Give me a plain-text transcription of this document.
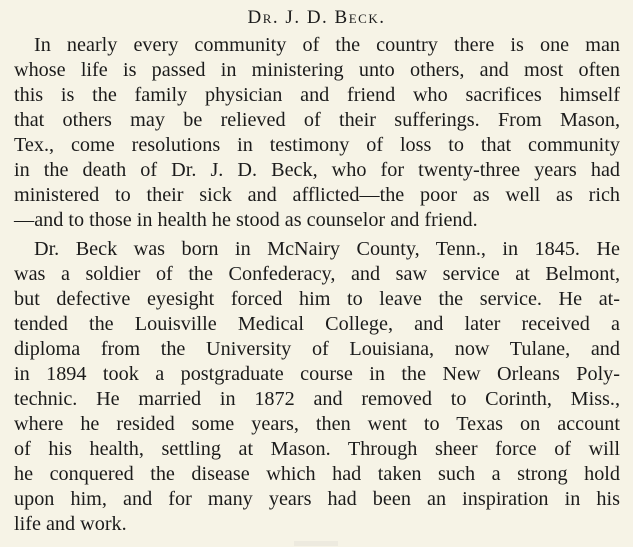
Dr. J. D. Beck.
In nearly every community of the country there is one man
whose life is passed in ministering unto others, and most often
this is the family physician and friend who sacrifices himself
that others may be relieved of their sufferings. From Mason,
Tex., come resolutions in testimony of loss to that community
in the death of Dr. J. D. Beck, who for twenty-three years had
ministered to their sick and afflicted—the poor as well as rich
—and to those in health he stood as counselor and friend.
Dr. Beck was born in McNairy County, Tenn., in 1845. He
was a soldier of the Confederacy, and saw service at Belmont,
but defective eyesight forced him to leave the service. He at-
tended the Louisville Medical College, and later received a
diploma from the University of Louisiana, now Tulane, and
in 1894 took a postgraduate course in the New Orleans Poly-
technic. He married in 1872 and removed to Corinth, Miss.,
where he resided some years, then went to Texas on account
of his health, settling at Mason. Through sheer force of will
he conquered the disease which had taken such a strong hold
upon him, and for many years had been an inspiration in his
life and work.
